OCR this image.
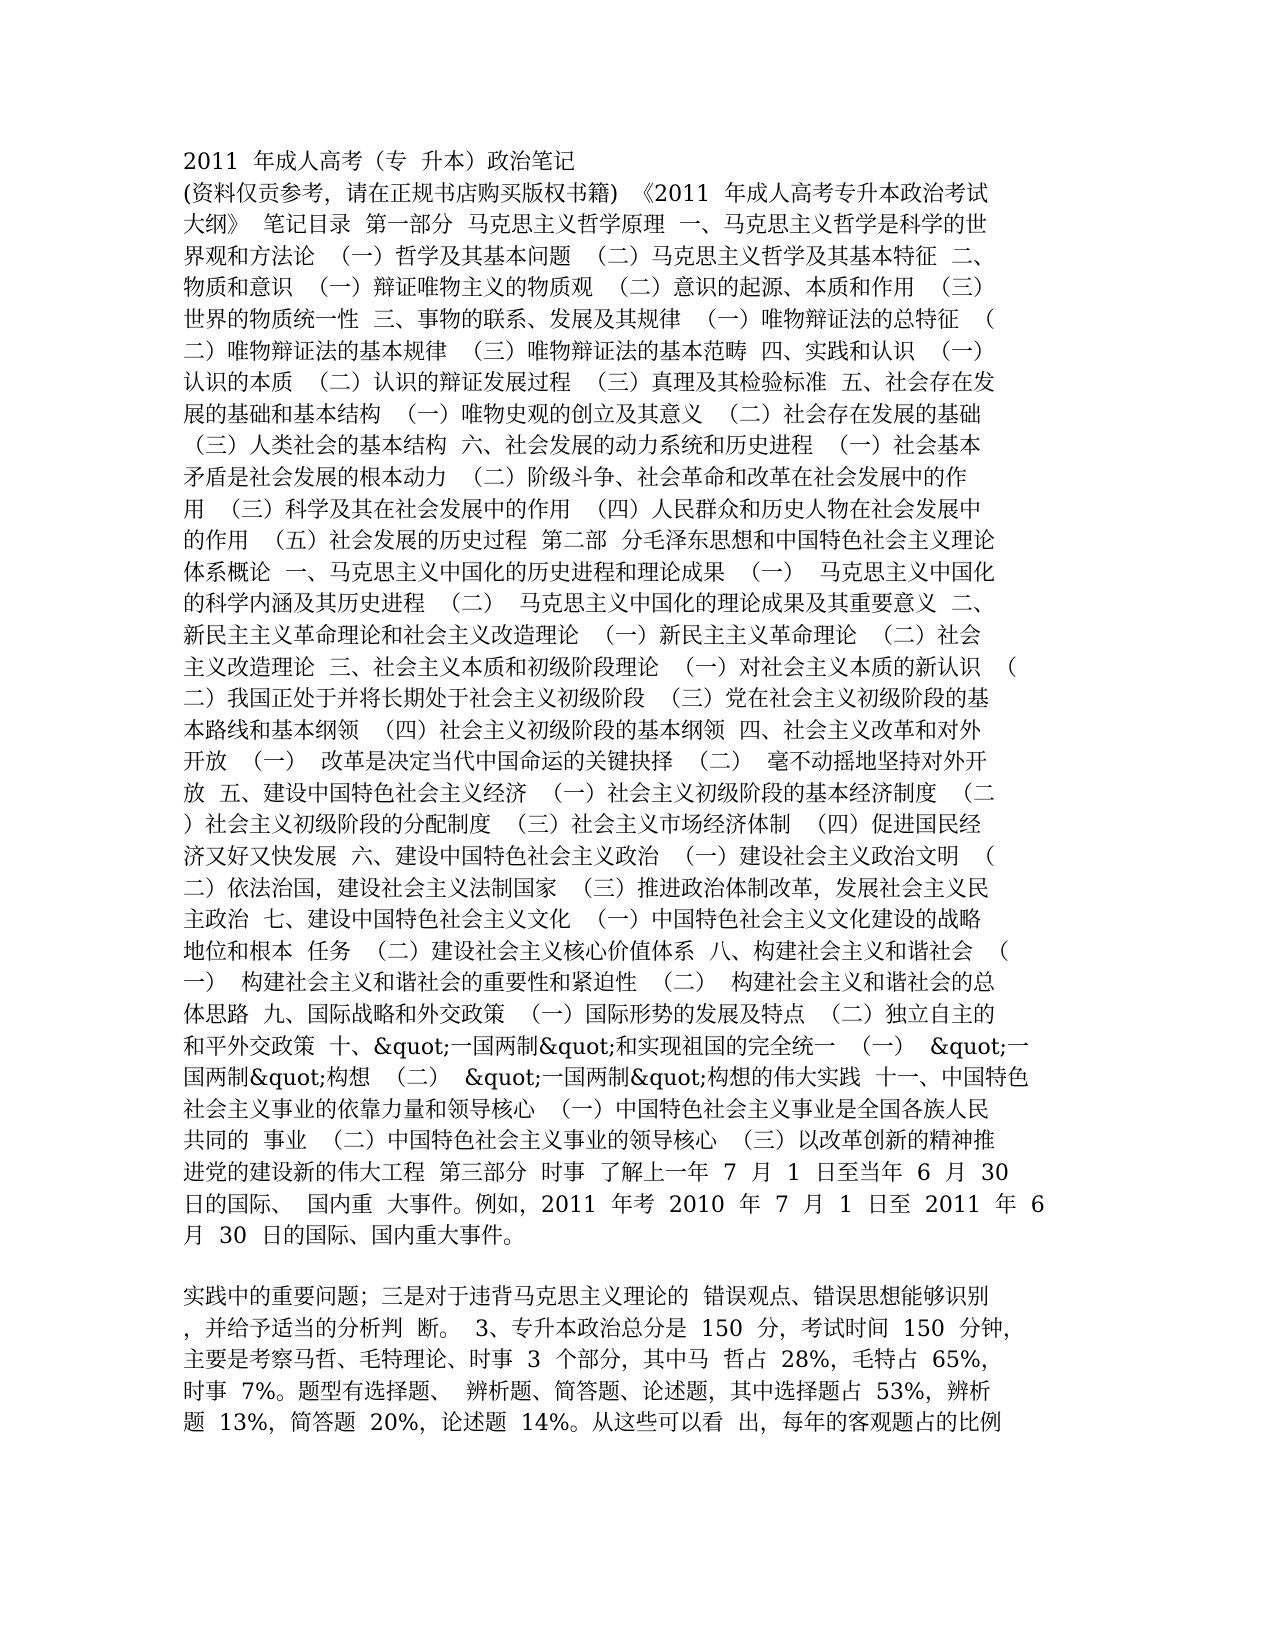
2011  年成人高考（专  升本）政治笔记
(资料仅贡参考，请在正规书店购买版权书籍)  《2011  年成人高考专升本政治考试
大纲》  笔记目录  第一部分  马克思主义哲学原理  一、马克思主义哲学是科学的世
界观和方法论  （一）哲学及其基本问题  （二）马克思主义哲学及其基本特征  二、
物质和意识  （一）辩证唯物主义的物质观  （二）意识的起源、本质和作用  （三）
世界的物质统一性  三、事物的联系、发展及其规律  （一）唯物辩证法的总特征  （
二）唯物辩证法的基本规律  （三）唯物辩证法的基本范畴  四、实践和认识  （一）
认识的本质  （二）认识的辩证发展过程  （三）真理及其检验标准  五、社会存在发
展的基础和基本结构  （一）唯物史观的创立及其意义  （二）社会存在发展的基础
（三）人类社会的基本结构  六、社会发展的动力系统和历史进程  （一）社会基本
矛盾是社会发展的根本动力  （二）阶级斗争、社会革命和改革在社会发展中的作
用  （三）科学及其在社会发展中的作用  （四）人民群众和历史人物在社会发展中
的作用  （五）社会发展的历史过程  第二部  分毛泽东思想和中国特色社会主义理论
体系概论  一、马克思主义中国化的历史进程和理论成果  （一）  马克思主义中国化
的科学内涵及其历史进程  （二）  马克思主义中国化的理论成果及其重要意义  二、
新民主主义革命理论和社会主义改造理论  （一）新民主主义革命理论  （二）社会
主义改造理论  三、社会主义本质和初级阶段理论  （一）对社会主义本质的新认识  （
二）我国正处于并将长期处于社会主义初级阶段  （三）党在社会主义初级阶段的基
本路线和基本纲领  （四）社会主义初级阶段的基本纲领  四、社会主义改革和对外
开放  （一）  改革是决定当代中国命运的关键抉择  （二）  毫不动摇地坚持对外开
放  五、建设中国特色社会主义经济  （一）社会主义初级阶段的基本经济制度  （二
）社会主义初级阶段的分配制度  （三）社会主义市场经济体制  （四）促进国民经
济又好又快发展  六、建设中国特色社会主义政治  （一）建设社会主义政治文明  （
二）依法治国，建设社会主义法制国家  （三）推进政治体制改革，发展社会主义民
主政治  七、建设中国特色社会主义文化  （一）中国特色社会主义文化建设的战略
地位和根本  任务  （二）建设社会主义核心价值体系  八、构建社会主义和谐社会  （
一）  构建社会主义和谐社会的重要性和紧迫性  （二）  构建社会主义和谐社会的总
体思路  九、国际战略和外交政策  （一）国际形势的发展及特点  （二）独立自主的
和平外交政策  十、&quot;一国两制&quot;和实现祖国的完全统一  （一）  &quot;一
国两制&quot;构想  （二）  &quot;一国两制&quot;构想的伟大实践  十一、中国特色
社会主义事业的依靠力量和领导核心  （一）中国特色社会主义事业是全国各族人民
共同的  事业  （二）中国特色社会主义事业的领导核心  （三）以改革创新的精神推
进党的建设新的伟大工程  第三部分  时事  了解上一年  7  月  1  日至当年  6  月  30
日的国际、  国内重  大事件。例如，2011  年考  2010  年  7  月  1  日至  2011  年  6
月  30  日的国际、国内重大事件。
实践中的重要问题；三是对于违背马克思主义理论的  错误观点、错误思想能够识别
，并给予适当的分析判  断。  3、专升本政治总分是  150  分，考试时间  150  分钟，
主要是考察马哲、毛特理论、时事  3  个部分，其中马  哲占  28%，毛特占  65%，
时事  7%。题型有选择题、  辨析题、简答题、论述题，其中选择题占  53%，辨析
题  13%，简答题  20%，论述题  14%。从这些可以看  出，每年的客观题占的比例
